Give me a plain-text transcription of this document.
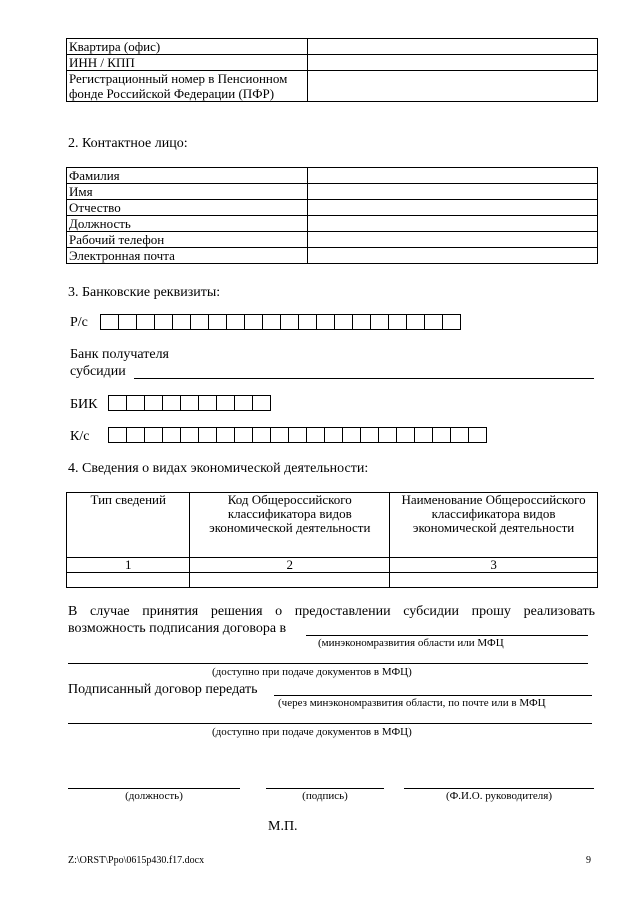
Квартира (офис)	
ИНН / КПП	
Регистрационный номер в Пенсионном фонде Российской Федерации (ПФР)	
2. Контактное лицо:
Фамилия	
Имя	
Отчество	
Должность	
Рабочий телефон	
Электронная почта	
3. Банковские реквизиты:
Р/с
Банк получателя
субсидии
БИК
К/с
4. Сведения о видах экономической деятельности:
Тип сведений	Код Общероссийского классификатора видов экономической деятельности	Наименование Общероссийского классификатора видов экономической деятельности
1	2	3

В случае принятия решения о предоставлении субсидии прошу реализовать
возможность подписания договора в
(минэкономразвития области или МФЦ
(доступно при подаче документов в МФЦ)
Подписанный договор передать
(через минэкономразвития области, по почте или в МФЦ
(доступно при подаче документов в МФЦ)
(должность)	(подпись)	(Ф.И.О. руководителя)
М.П.
Z:\ORST\Ppo\0615p430.f17.docx	9
